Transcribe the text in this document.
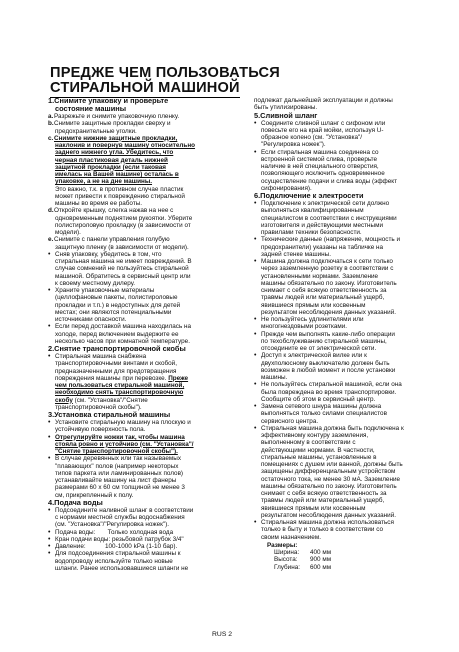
ПРЕДЖЕ ЧЕМ ПОЛЬЗОВАТЬСЯ
СТИРАЛЬНОЙ МАШИНОЙ

1.Снимите упаковку и проверьте
состояние машины

a.Разрежьте и снимите упаковочную пленку.

b.Снимите защитные прокладки сверху и
предохранительные уголки.

c.Снимите нижние защитные прокладки,
наклонив и повернув машину относительно
заднего нижнего угла. Убедитесь, что
черная пластиковая деталь нижней
защитной прокладки (если таковая
имелась на Вашей машине) осталась в
упаковке, а не на дне машины.
Это важно, т.к. в противном случае пластик
может привести к повреждению стиральной
машины во время ее работы.

d.Откройте крышку, слегка нажав на нее с
одновременным поднятием рукоятки. Уберите
полистироловую прокладку (в зависимости от
модели).

e.Снимите с панели управления голубую
защитную пленку (в зависимости от модели).

• Сняв упаковку, убедитесь в том, что
стиральная машина не имеет повреждений. В
случае сомнений не пользуйтесь стиральной
машиной. Обратитесь в сервисный центр или
к своему местному дилеру.

• Храните упаковочные материалы
(целлофановые пакеты, полистироловые
прокладки и т.п.) в недоступных для детей
местах; они являются потенциальными
источниками опасности.

• Если перед доставкой машина находилась на
холоде, перед включением выдержите ее
несколько часов при комнатной температуре.

2.Снятие транспортировочной скобы

• Стиральная машина снабжена
транспортировочными винтами и скобой,
предназначенными для предотвращения
повреждения машины при перевозке. Преже
чем пользоваться стиральной машиной,
необходимо снять транспортировочную
скобу (см. "Установка"/"Снятие
транспортировочной скобы").

3.Установка стиральной машины

• Установите стиральную машину на плоскую и
устойчивую поверхность пола.

• Отрегулируйте ножки так, чтобы машина
стояла ровно и устойчиво (см. "Установка"/
"Снятие транспортировочной скобы").

• В случае деревянных или так называемых
"плавающих" полов (например некоторых
типов паркета или ламинированных полов)
устанавливайте машину на лист фанеры
размерами 60 x 60 см толщиной не менее 3
см, прикрепленный к полу.

4.Подача воды

• Подсоедините наливной шланг в соответствии
с нормами местной службы водоснабжения
(см. "Установка"/"Регулировка ножек").

• Подача воды:       Только холодная вода

• Кран подачи воды: резьбовой патрубок 3/4"

• Давление:           100-1000 kPa (1-10 бар).

• Для подсоединения стиральной машины к
водопроводу используйте только новые
шланги. Ранее использовавшиеся шланги не

подлежат дальнейшей эксплуатации и должны
быть утилизированы.

5.Сливной шланг

• Соедините сливной шланг с сифоном или
повесьте его на край мойки, используя U-
образное колено (см. "Установка"/
"Регулировка ножек").

• Если стиральная машина соединена со
встроенной системой слива, проверьте
наличие в ней специального отверстия,
позволяющего исключить одновременное
осуществление подачи и слива воды (эффект
сифонирования).

6.Подключение к электросети

• Подключение к электрической сети должно
выполняться квалифицированным
специалистом в соответствии с инструкциями
изготовителя и действующими местными
правилами техники безопасности.

• Технические данные (напряжение, мощность и
предохранители) указаны на табличке на
задней стенке машины.

• Машина должна подключаться к сети только
через заземленную розетку в соответствии с
установленными нормами. Заземление
машины обязательно по закону. Изготовитель
снимает с себя всякую ответственность за
травмы людей или материальный ущерб,
явившиеся прямым или косвенным
результатом несоблюдения данных указаний.

• Не пользуйтесь удлинителями или
многогнездовыми розетками.

• Прежде чем выполнять какие-либо операции
по техобслуживанию стиральной машины,
отсоедините ее от электрической сети.

• Доступ к электрической вилке или к
двухполюсному выключателю должен быть
возможен в любой момент и после установки
машины.

• Не пользуйтесь стиральной машиной, если она
была повреждена во время транспортировки.
Сообщите об этом в сервисный центр.

• Замена сетевого шнура машины должна
выполняться только силами специалистов
сервисного центра.

• Стиральная машина должна быть подключена к
эффективному контуру заземления,
выполненному в соответствии с
действующими нормами. В частности,
стиральные машины, установленные в
помещениях с душем или ванной, должны быть
защищены дифференциальным устройством
остаточного тока, не менее 30 мА. Заземление
машины обязательно по закону. Изготовитель
снимает с себя всякую ответственность за
травмы людей или материальный ущерб,
явившиеся прямым или косвенным
результатом несоблюдения данных указаний.

• Стиральная машина должна использоваться
только в быту и только в соответствии со
своим назначением.

Размеры:
Ширина:	400 мм
Высота:	900 мм
Глубина:	600 мм
RUS 2
